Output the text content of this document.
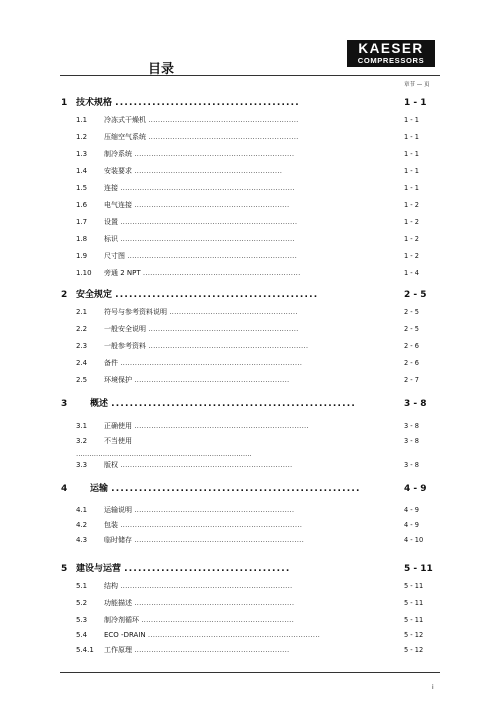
KAESER
COMPRESSORS
目录
章节 — 页
1 技术规格 ........................................	1 - 1
1.1 冷冻式干燥机 ..............................................................	1 - 1
1.2 压缩空气系统 ..............................................................	1 - 1
1.3 制冷系统 ..................................................................	1 - 1
1.4 安装要求 .............................................................	1 - 1
1.5 连接 ........................................................................	1 - 1
1.6 电气连接 ................................................................	1 - 2
1.7 设置 .........................................................................	1 - 2
1.8 标识 ........................................................................	1 - 2
1.9 尺寸图 ......................................................................	1 - 2
1.10 旁通 2 NPT .................................................................	1 - 4
2 安全规定 ............................................	2 - 5
2.1 符号与参考资料说明 .....................................................	2 - 5
2.2 一般安全说明 ..............................................................	2 - 5
2.3 一般参考资料 ..................................................................	2 - 6
2.4 备件 ...........................................................................	2 - 6
2.5 环境保护 ................................................................	2 - 7
3	概述 .....................................................	3 - 8
3.1 正确使用 ........................................................................	3 - 8
3.2 不当使用	3 - 8
3.3 版权 .......................................................................	3 - 8
4	运输 ......................................................	4 - 9
4.1 运输说明 ..................................................................	4 - 9
4.2 包装 ...........................................................................	4 - 9
4.3 临时储存 ......................................................................	4 - 10
5 建设与运营 ....................................	5 - 11
5.1 结构 .......................................................................	5 - 11
5.2 功能描述 ..................................................................	5 - 11
5.3 制冷剂循环 ...............................................................	5 - 11
5.4 ECO -DRAIN .......................................................................	5 - 12
5.4.1 工作原理 ................................................................	5 - 12
...............................................................................
i
